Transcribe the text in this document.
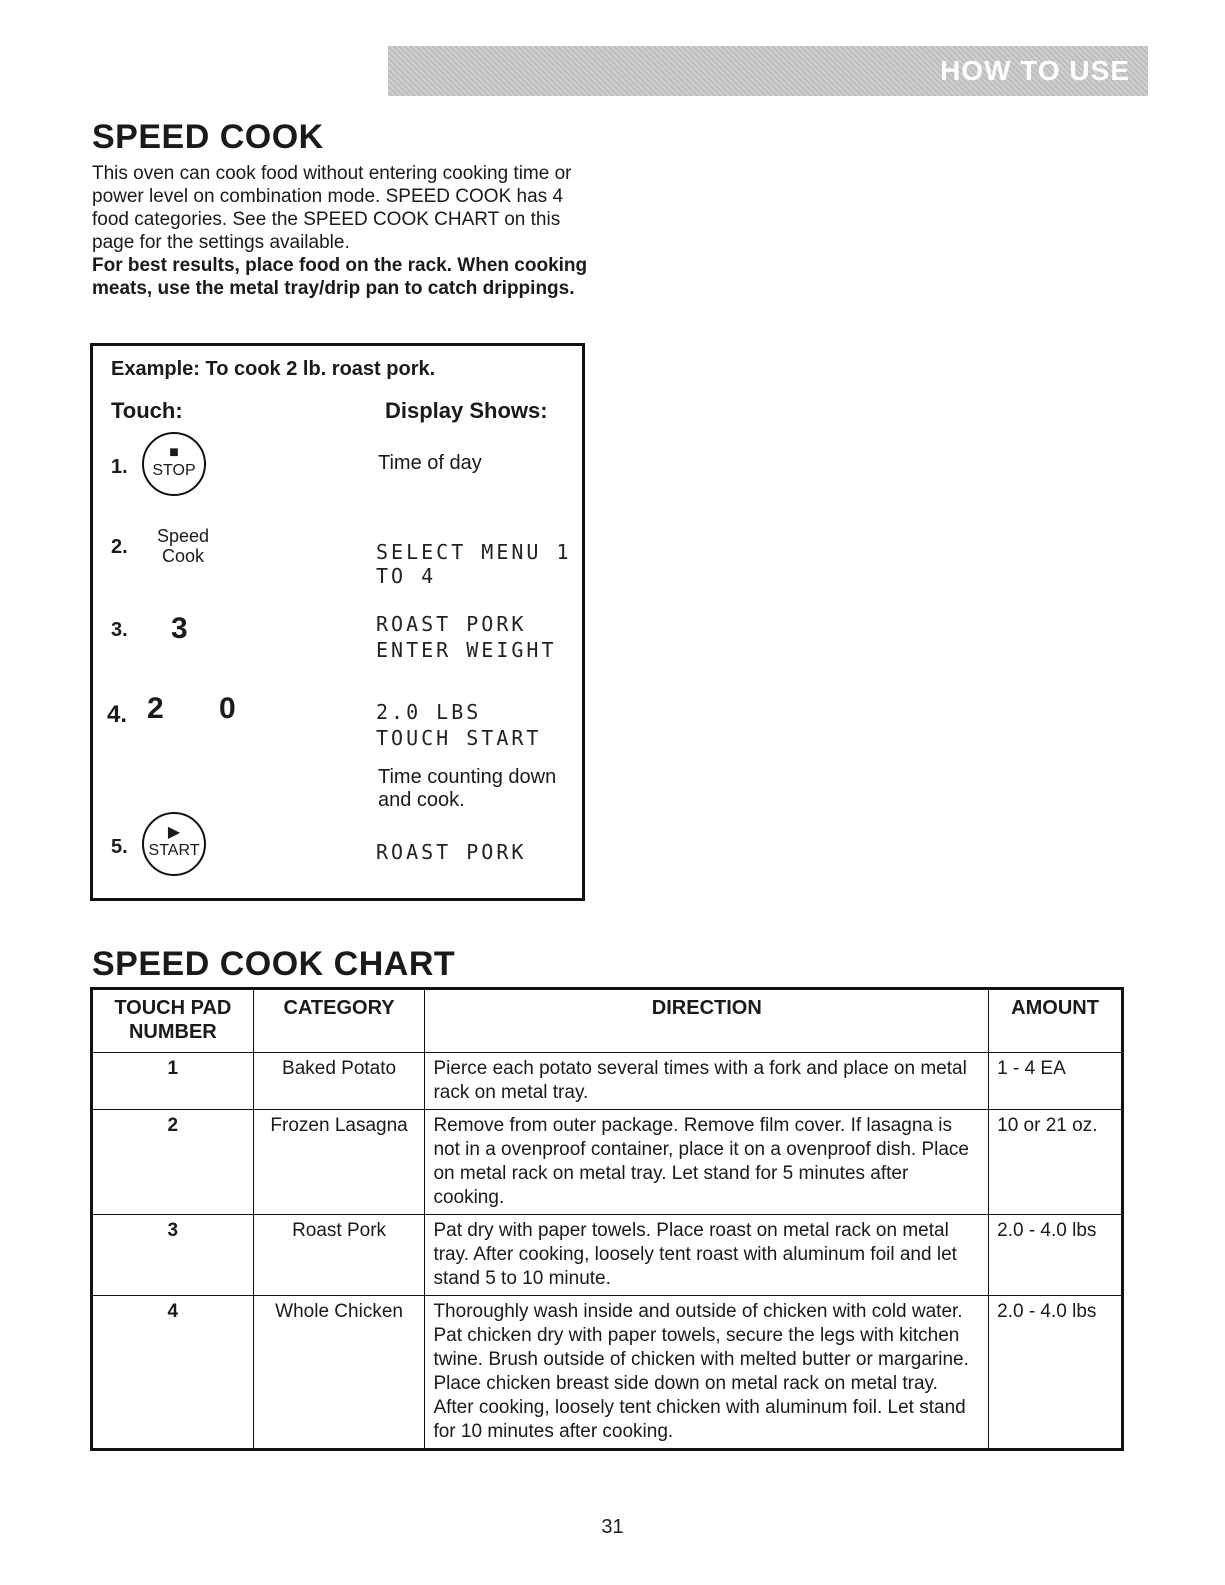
HOW TO USE
SPEED COOK

This oven can cook food without entering cooking time or power level on combination mode. SPEED COOK has 4 food categories. See the SPEED COOK CHART on this page for the settings available.

For best results, place food on the rack. When cooking meats, use the metal tray/drip pan to catch drippings.

Example: To cook 2 lb. roast pork.
Touch:	Display Shows:
1.
■
STOP	Time of day
2.	Speed
Cook	SELECT MENU 1 TO 4
3. 3	ROAST PORK
ENTER WEIGHT
4. 2 0	2.0 LBS
TOUCH START
Time counting down and cook.
5.
▶
START	ROAST PORK
SPEED COOK CHART
TOUCH PAD NUMBER	CATEGORY	DIRECTION	AMOUNT
1	Baked Potato	Pierce each potato several times with a fork and place on metal rack on metal tray.	1 - 4 EA
2	Frozen Lasagna	Remove from outer package. Remove film cover. If lasagna is not in a ovenproof container, place it on a ovenproof dish. Place on metal rack on metal tray. Let stand for 5 minutes after cooking.	10 or 21 oz.
3	Roast Pork	Pat dry with paper towels. Place roast on metal rack on metal tray. After cooking, loosely tent roast with aluminum foil and let stand 5 to 10 minute.	2.0 - 4.0 lbs
4	Whole Chicken	Thoroughly wash inside and outside of chicken with cold water. Pat chicken dry with paper towels, secure the legs with kitchen twine. Brush outside of chicken with melted butter or margarine. Place chicken breast side down on metal rack on metal tray. After cooking, loosely tent chicken with aluminum foil. Let stand for 10 minutes after cooking.	2.0 - 4.0 lbs
31
